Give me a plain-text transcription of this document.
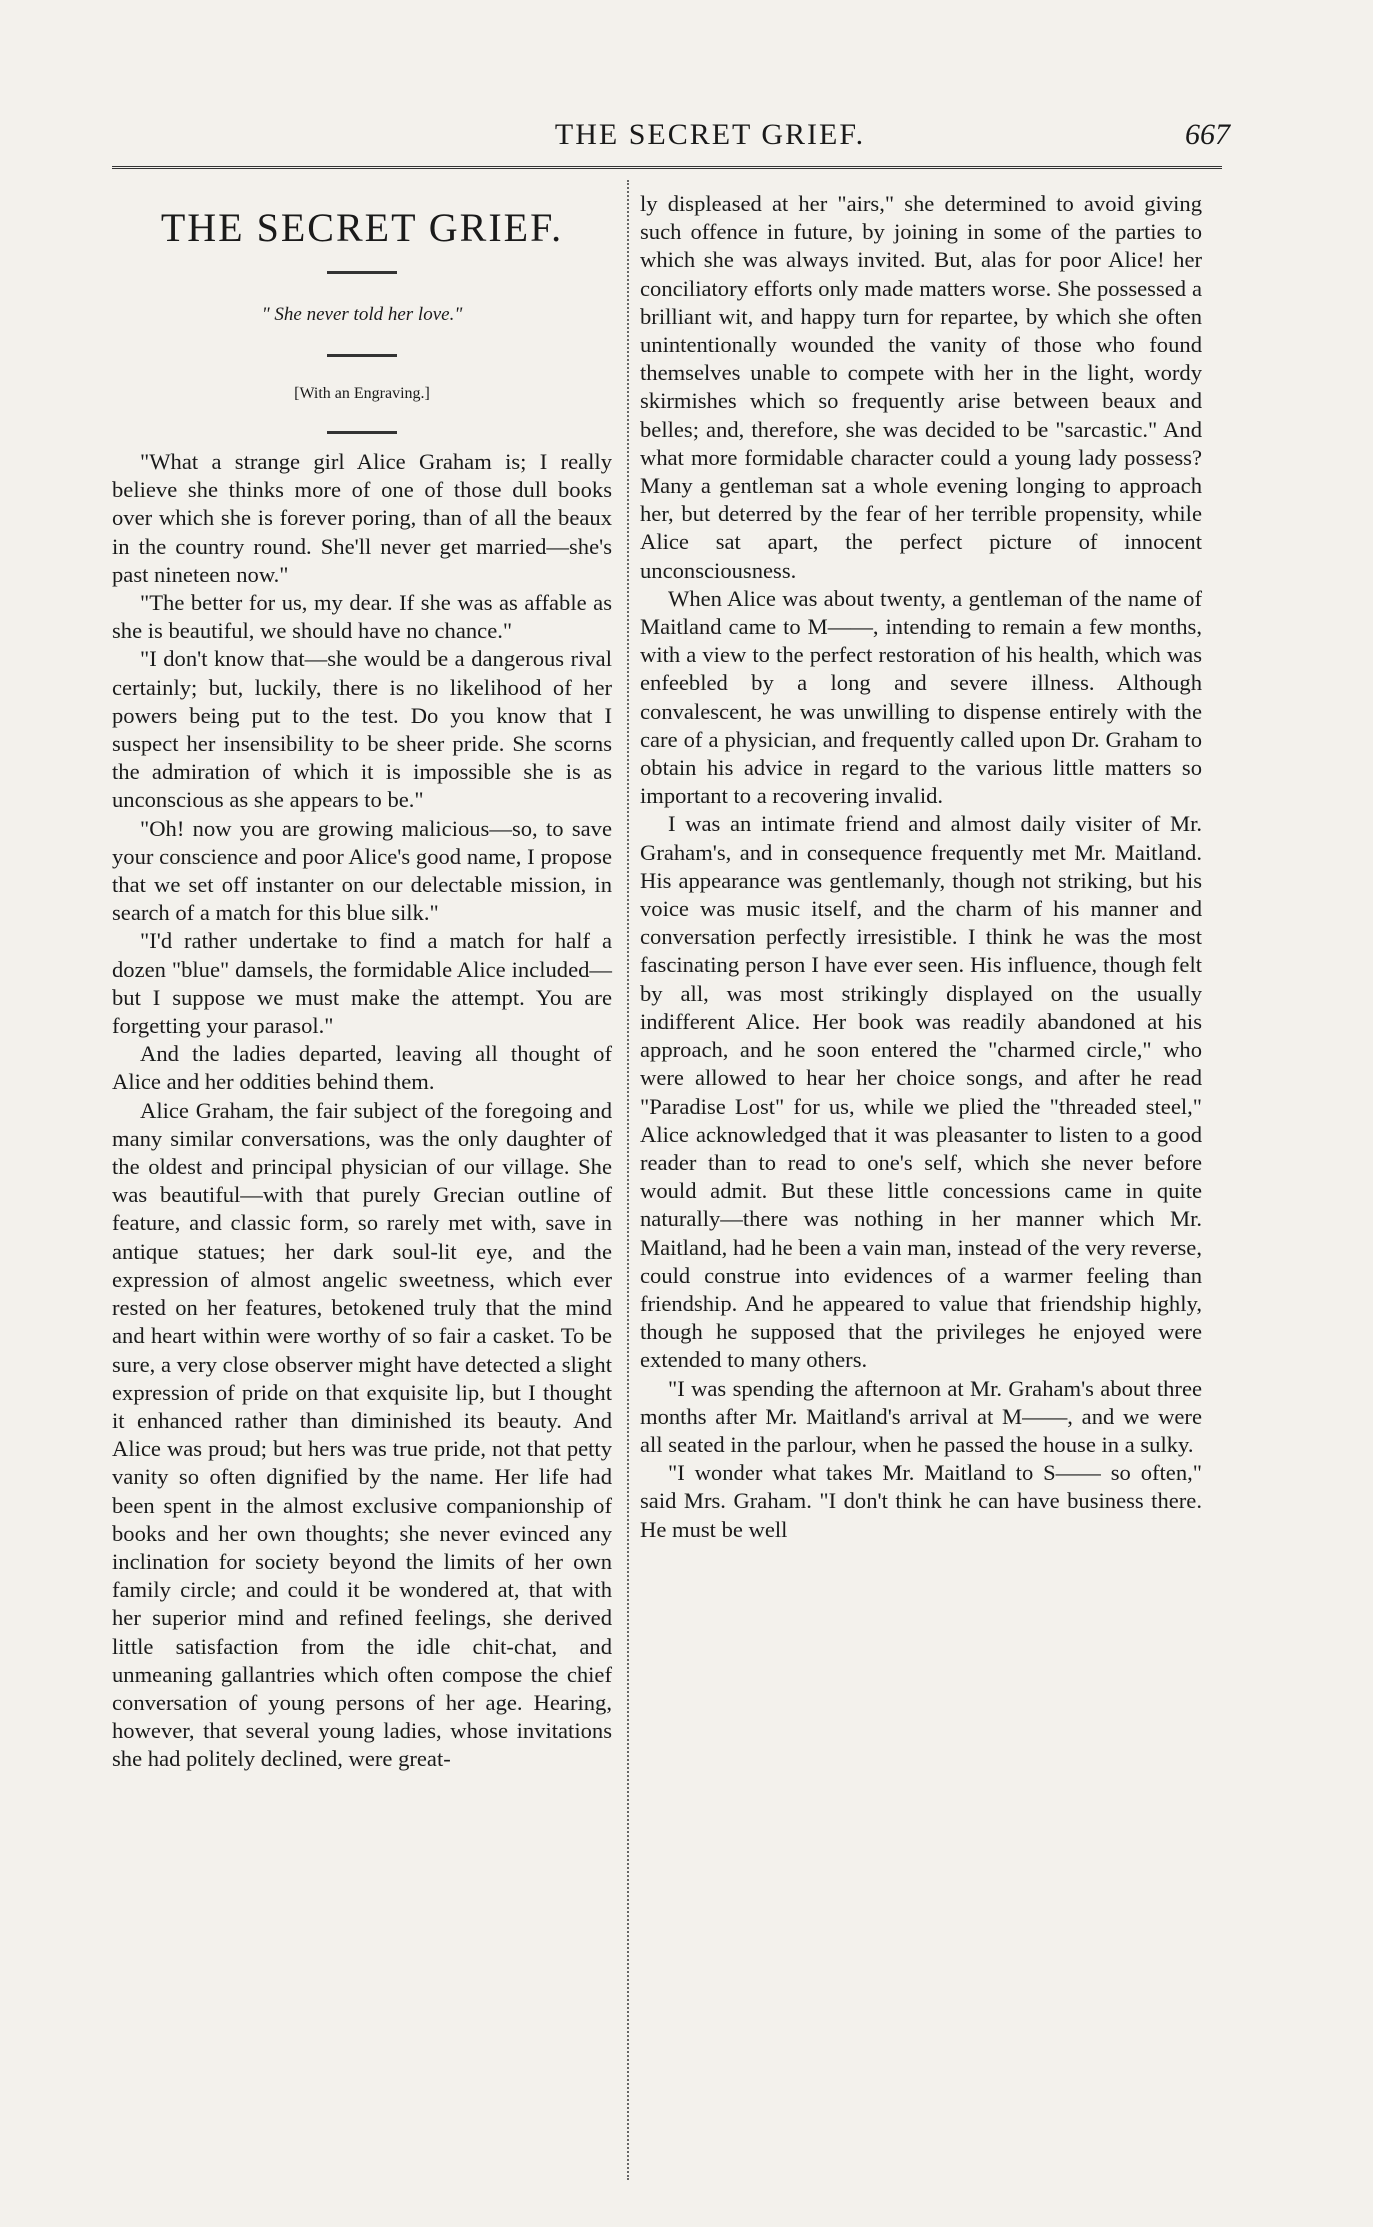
THE SECRET GRIEF.	667
THE SECRET GRIEF.
" She never told her love."
[With an Engraving.]

"What a strange girl Alice Graham is; I really believe she thinks more of one of those dull books over which she is forever poring, than of all the beaux in the country round. She'll never get married—she's past nineteen now."

"The better for us, my dear. If she was as affable as she is beautiful, we should have no chance."

"I don't know that—she would be a dangerous rival certainly; but, luckily, there is no likelihood of her powers being put to the test. Do you know that I suspect her insensibility to be sheer pride. She scorns the admiration of which it is impossible she is as unconscious as she appears to be."

"Oh! now you are growing malicious—so, to save your conscience and poor Alice's good name, I propose that we set off instanter on our delectable mission, in search of a match for this blue silk."

"I'd rather undertake to find a match for half a dozen "blue" damsels, the formidable Alice included—but I suppose we must make the attempt. You are forgetting your parasol."

And the ladies departed, leaving all thought of Alice and her oddities behind them.

Alice Graham, the fair subject of the foregoing and many similar conversations, was the only daughter of the oldest and principal physician of our village. She was beautiful—with that purely Grecian outline of feature, and classic form, so rarely met with, save in antique statues; her dark soul-lit eye, and the expression of almost angelic sweetness, which ever rested on her features, betokened truly that the mind and heart within were worthy of so fair a casket. To be sure, a very close observer might have detected a slight expression of pride on that exquisite lip, but I thought it enhanced rather than diminished its beauty. And Alice was proud; but hers was true pride, not that petty vanity so often dignified by the name. Her life had been spent in the almost exclusive companionship of books and her own thoughts; she never evinced any inclination for society beyond the limits of her own family circle; and could it be wondered at, that with her superior mind and refined feelings, she derived little satisfaction from the idle chit-chat, and unmeaning gallantries which often compose the chief conversation of young persons of her age. Hearing, however, that several young ladies, whose invitations she had politely declined, were great-

ly displeased at her "airs," she determined to avoid giving such offence in future, by joining in some of the parties to which she was always invited. But, alas for poor Alice! her conciliatory efforts only made matters worse. She possessed a brilliant wit, and happy turn for repartee, by which she often unintentionally wounded the vanity of those who found themselves unable to compete with her in the light, wordy skirmishes which so frequently arise between beaux and belles; and, therefore, she was decided to be "sarcastic." And what more formidable character could a young lady possess? Many a gentleman sat a whole evening longing to approach her, but deterred by the fear of her terrible propensity, while Alice sat apart, the perfect picture of innocent unconsciousness.

When Alice was about twenty, a gentleman of the name of Maitland came to M——, intending to remain a few months, with a view to the perfect restoration of his health, which was enfeebled by a long and severe illness. Although convalescent, he was unwilling to dispense entirely with the care of a physician, and frequently called upon Dr. Graham to obtain his advice in regard to the various little matters so important to a recovering invalid.

I was an intimate friend and almost daily visiter of Mr. Graham's, and in consequence frequently met Mr. Maitland. His appearance was gentlemanly, though not striking, but his voice was music itself, and the charm of his manner and conversation perfectly irresistible. I think he was the most fascinating person I have ever seen. His influence, though felt by all, was most strikingly displayed on the usually indifferent Alice. Her book was readily abandoned at his approach, and he soon entered the "charmed circle," who were allowed to hear her choice songs, and after he read "Paradise Lost" for us, while we plied the "threaded steel," Alice acknowledged that it was pleasanter to listen to a good reader than to read to one's self, which she never before would admit. But these little concessions came in quite naturally—there was nothing in her manner which Mr. Maitland, had he been a vain man, instead of the very reverse, could construe into evidences of a warmer feeling than friendship. And he appeared to value that friendship highly, though he supposed that the privileges he enjoyed were extended to many others.

"I was spending the afternoon at Mr. Graham's about three months after Mr. Maitland's arrival at M——, and we were all seated in the parlour, when he passed the house in a sulky.

"I wonder what takes Mr. Maitland to S—— so often," said Mrs. Graham. "I don't think he can have business there. He must be well
